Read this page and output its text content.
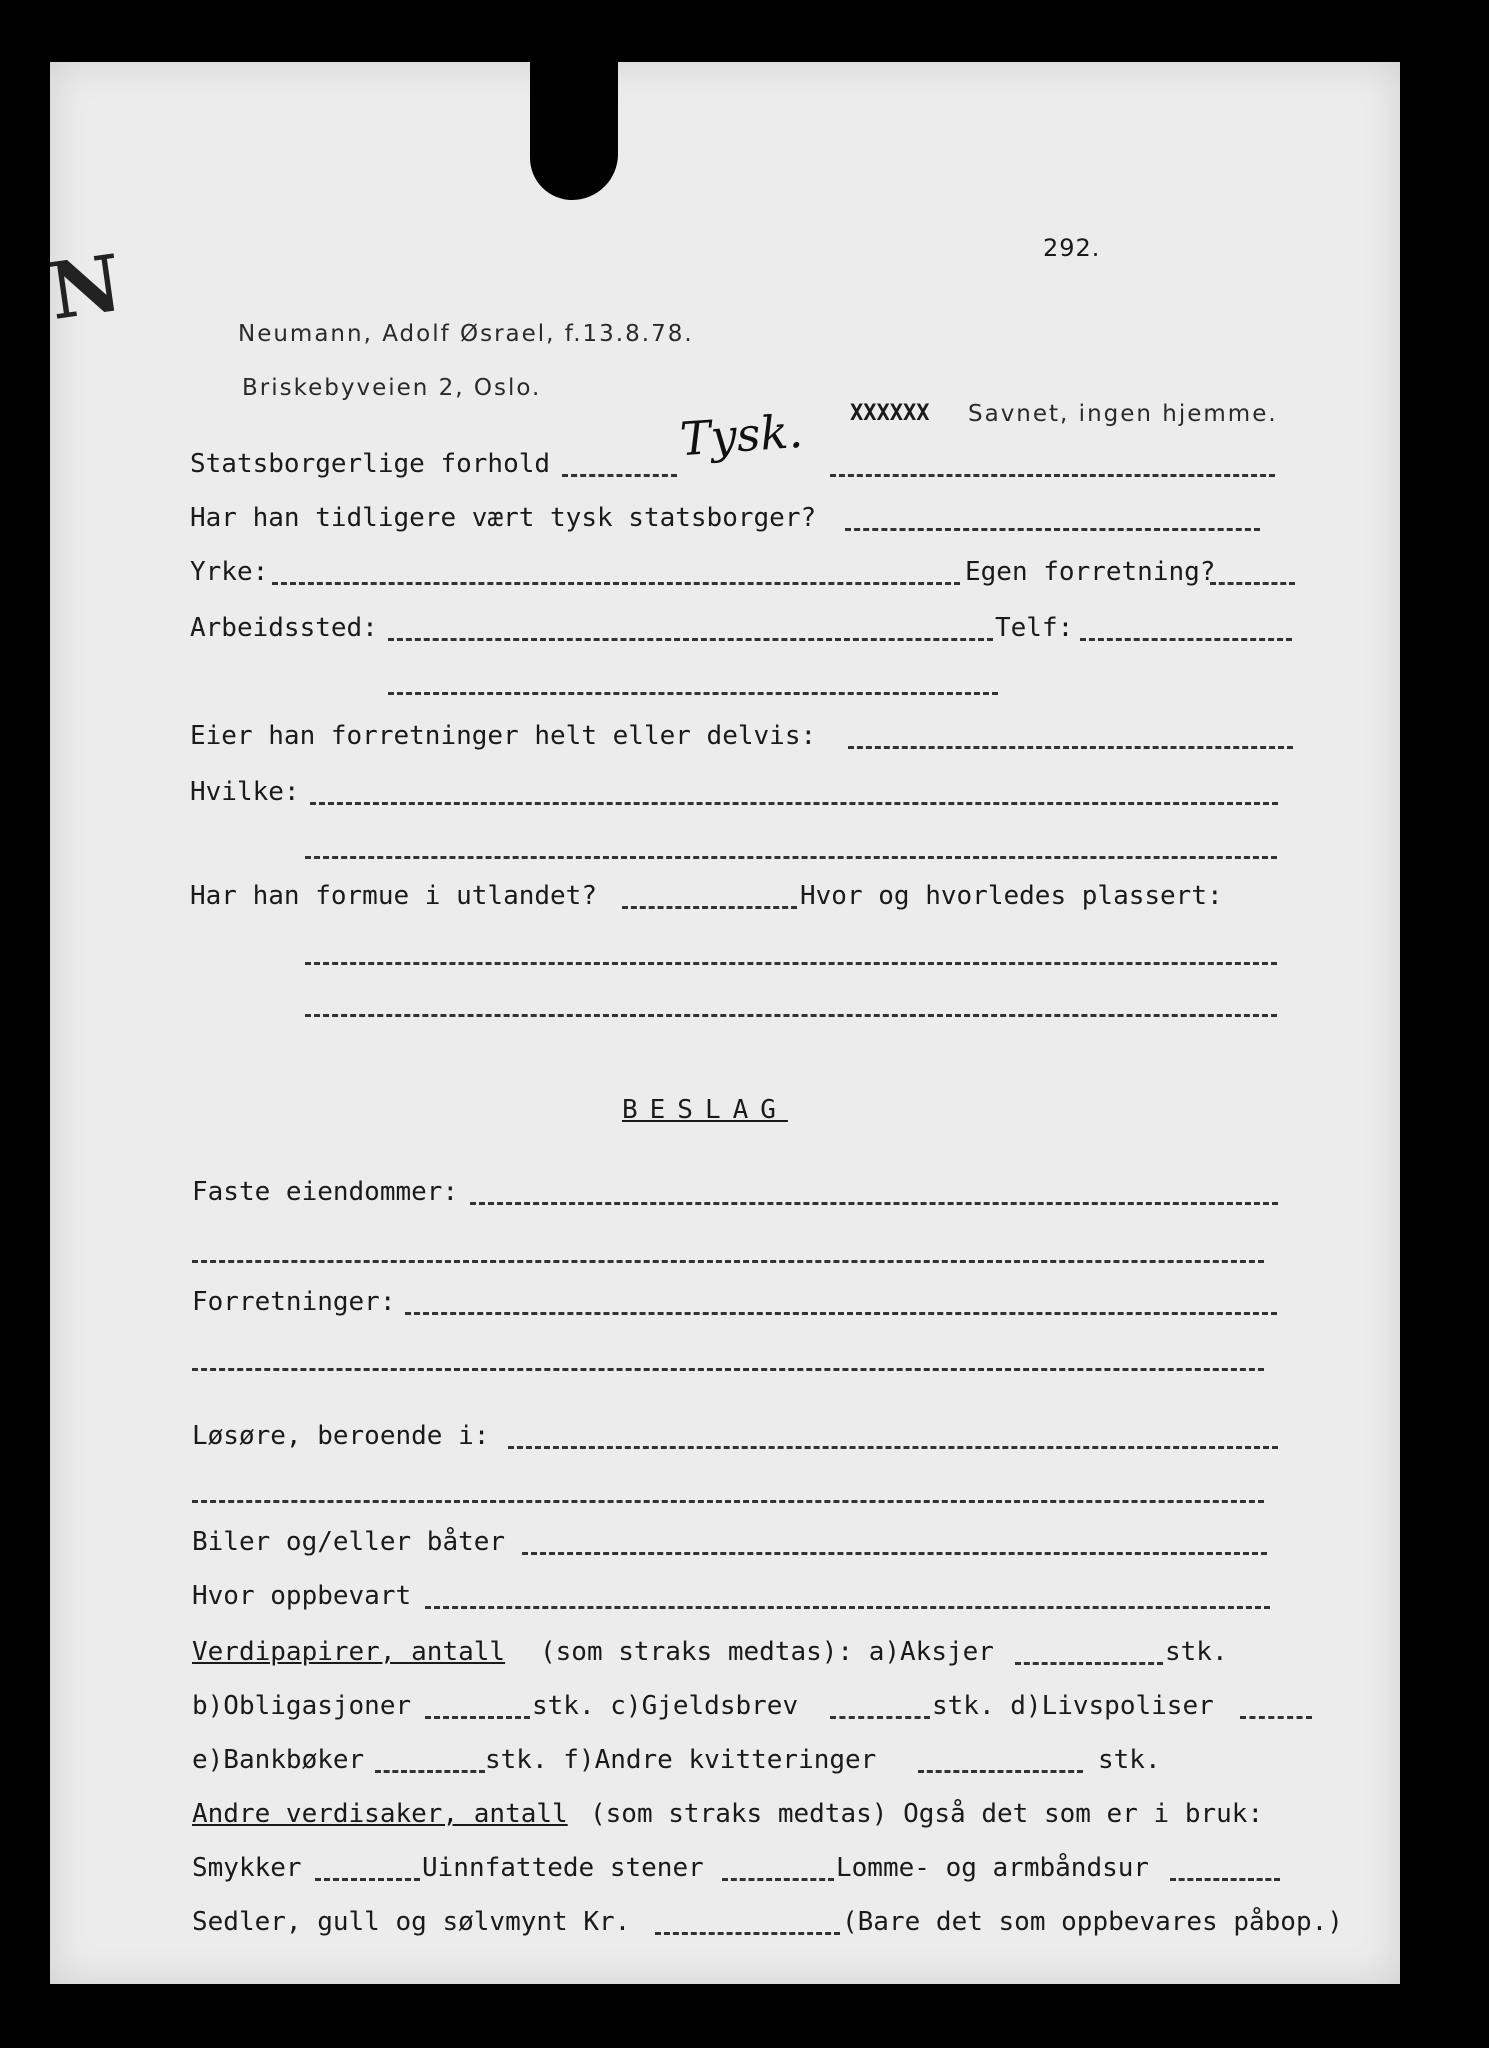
N	292.
Neumann, Adolf Øsrael, f.13.8.78.
Briskebyveien 2, Oslo.
XXXXXX Savnet, ingen hjemme.
Statsborgerlige forhold	Tysk.
Har han tidligere vært tysk statsborger?
Yrke:	Egen forretning?
Arbeidssted:	Telf:
Eier han forretninger helt eller delvis:
Hvilke:
Har han formue i utlandet?	Hvor og hvorledes plassert:
BESLAG
Faste eiendommer:
Forretninger:
Løsøre, beroende i:
Biler og/eller båter
Hvor oppbevart
Verdipapirer, antall (som straks medtas): a)Aksjer	stk.
b)Obligasjoner	stk. c)Gjeldsbrev	stk. d)Livspoliser
e)Bankbøker	stk. f)Andre kvitteringer	stk.
Andre verdisaker, antall (som straks medtas) Også det som er i bruk:
Smykker	Uinnfattede stener	Lomme- og armbåndsur
Sedler, gull og sølvmynt Kr.	(Bare det som oppbevares påbop.)
